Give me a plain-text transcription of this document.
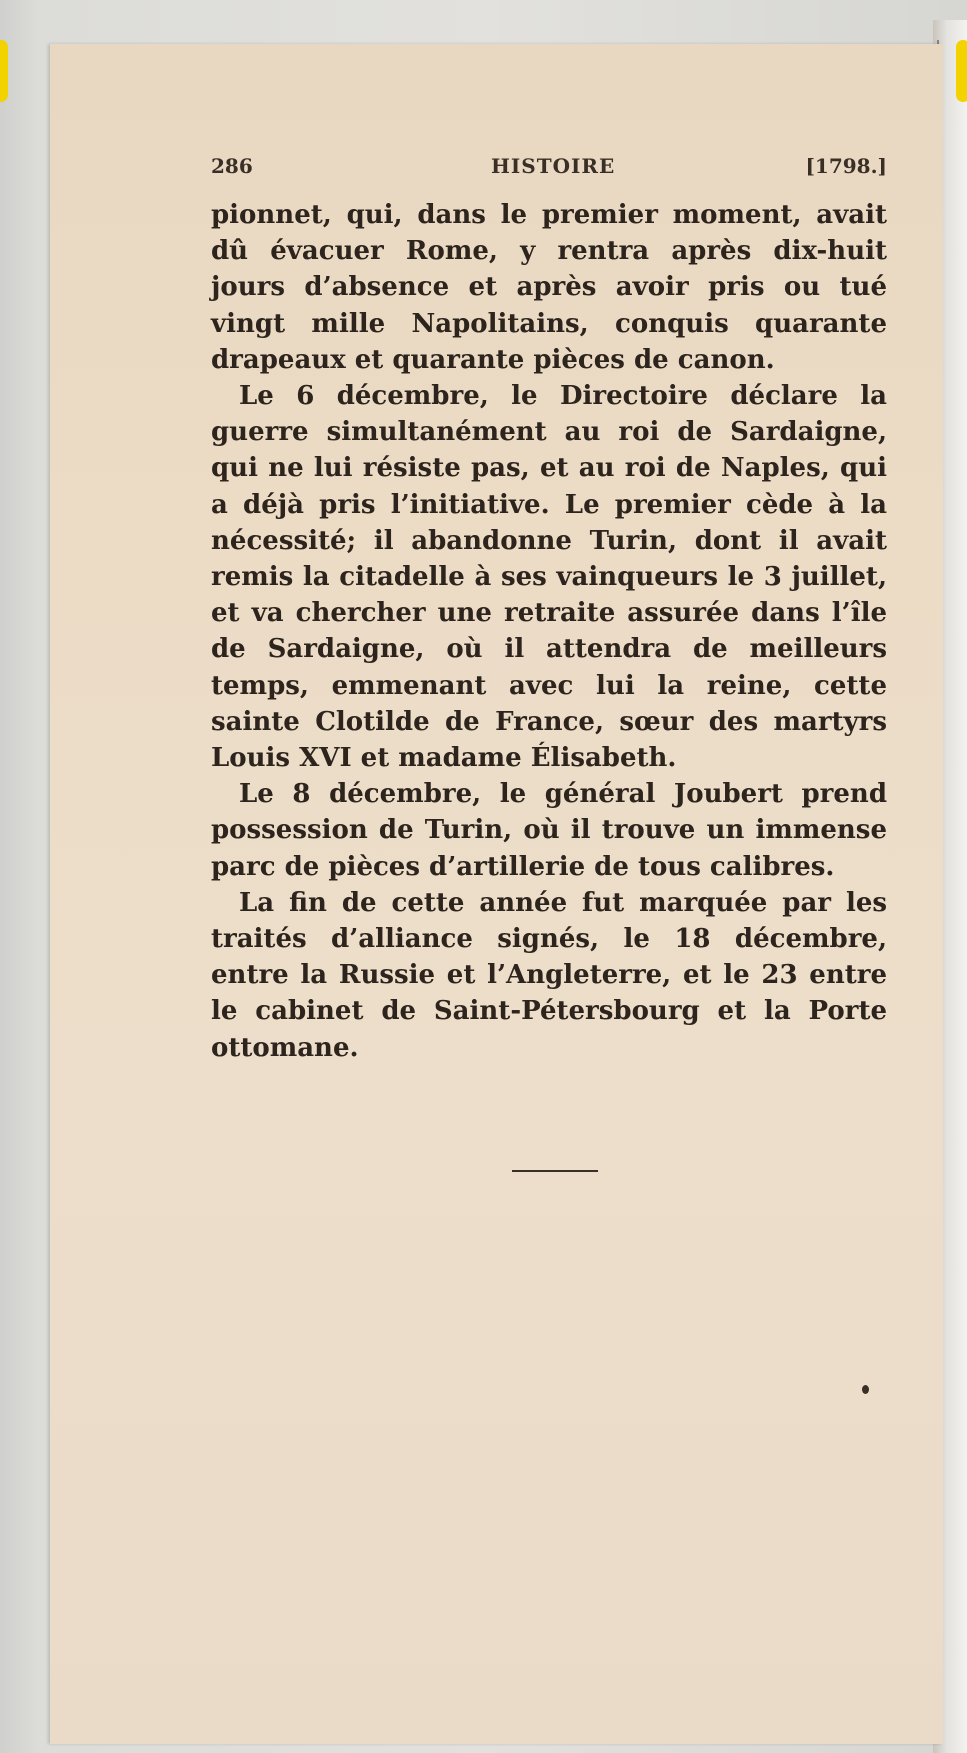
286	HISTOIRE	[1798.]

pionnet, qui, dans le premier moment, avait dû évacuer Rome, y rentra après dix-huit jours d’absence et après avoir pris ou tué vingt mille Napolitains, conquis quarante drapeaux et quarante pièces de canon.

Le 6 décembre, le Directoire déclare la guerre simultanément au roi de Sardaigne, qui ne lui résiste pas, et au roi de Naples, qui a déjà pris l’initiative. Le premier cède à la nécessité; il abandonne Turin, dont il avait remis la citadelle à ses vainqueurs le 3 juillet, et va chercher une retraite assurée dans l’île de Sardaigne, où il attendra de meilleurs temps, emmenant avec lui la reine, cette sainte Clotilde de France, sœur des martyrs Louis XVI et madame Élisabeth.

Le 8 décembre, le général Joubert prend possession de Turin, où il trouve un immense parc de pièces d’artillerie de tous calibres.

La fin de cette année fut marquée par les traités d’alliance signés, le 18 décembre, entre la Russie et l’Angleterre, et le 23 entre le cabinet de Saint-Pétersbourg et la Porte ottomane.
